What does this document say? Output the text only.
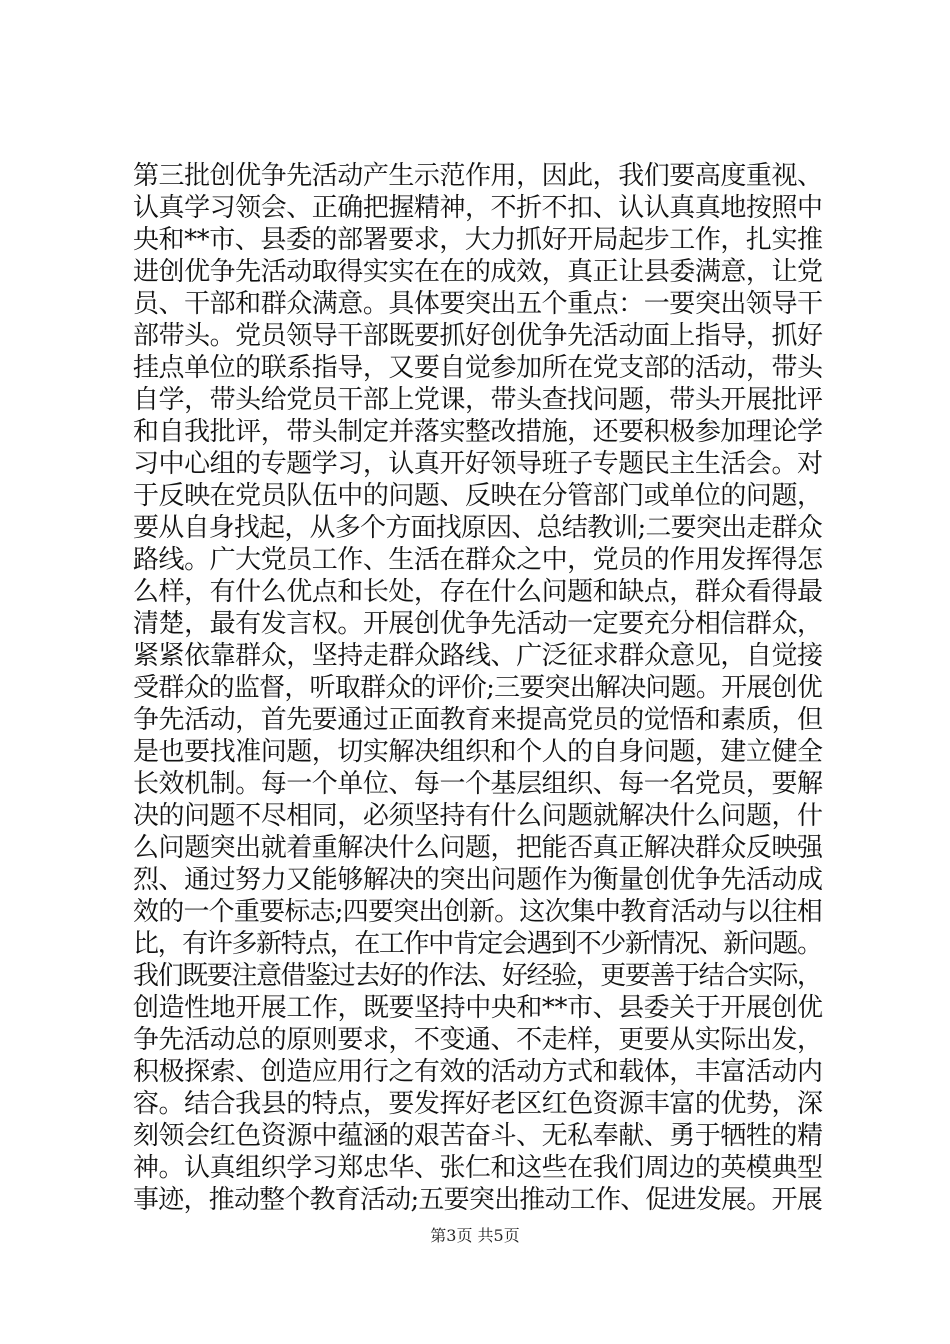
第三批创优争先活动产生示范作用，因此，我们要高度重视、
认真学习领会、正确把握精神，不折不扣、认认真真地按照中
央和**市、县委的部署要求，大力抓好开局起步工作，扎实推
进创优争先活动取得实实在在的成效，真正让县委满意，让党
员、干部和群众满意。具体要突出五个重点：一要突出领导干
部带头。党员领导干部既要抓好创优争先活动面上指导，抓好
挂点单位的联系指导，又要自觉参加所在党支部的活动，带头
自学，带头给党员干部上党课，带头查找问题，带头开展批评
和自我批评，带头制定并落实整改措施，还要积极参加理论学
习中心组的专题学习，认真开好领导班子专题民主生活会。对
于反映在党员队伍中的问题、反映在分管部门或单位的问题，
要从自身找起，从多个方面找原因、总结教训;二要突出走群众
路线。广大党员工作、生活在群众之中，党员的作用发挥得怎
么样，有什么优点和长处，存在什么问题和缺点，群众看得最
清楚，最有发言权。开展创优争先活动一定要充分相信群众，
紧紧依靠群众，坚持走群众路线、广泛征求群众意见，自觉接
受群众的监督，听取群众的评价;三要突出解决问题。开展创优
争先活动，首先要通过正面教育来提高党员的觉悟和素质，但
是也要找准问题，切实解决组织和个人的自身问题，建立健全
长效机制。每一个单位、每一个基层组织、每一名党员，要解
决的问题不尽相同，必须坚持有什么问题就解决什么问题，什
么问题突出就着重解决什么问题，把能否真正解决群众反映强
烈、通过努力又能够解决的突出问题作为衡量创优争先活动成
效的一个重要标志;四要突出创新。这次集中教育活动与以往相
比，有许多新特点，在工作中肯定会遇到不少新情况、新问题。
我们既要注意借鉴过去好的作法、好经验，更要善于结合实际，
创造性地开展工作，既要坚持中央和**市、县委关于开展创优
争先活动总的原则要求，不变通、不走样，更要从实际出发，
积极探索、创造应用行之有效的活动方式和载体，丰富活动内
容。结合我县的特点，要发挥好老区红色资源丰富的优势，深
刻领会红色资源中蕴涵的艰苦奋斗、无私奉献、勇于牺牲的精
神。认真组织学习郑忠华、张仁和这些在我们周边的英模典型
事迹，推动整个教育活动;五要突出推动工作、促进发展。开展
第3页 共5页
